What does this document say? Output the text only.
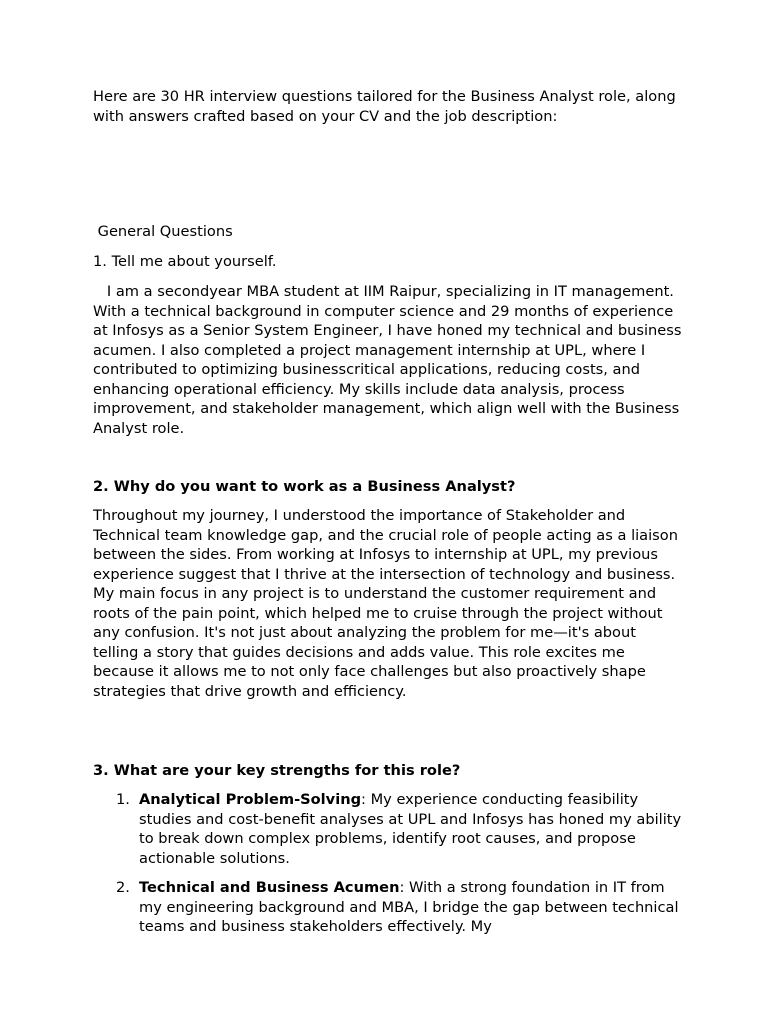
Here are 30 HR interview questions tailored for the Business Analyst role, along with answers crafted based on your CV and the job description:

General Questions

1. Tell me about yourself.

I am a secondyear MBA student at IIM Raipur, specializing in IT management. With a technical background in computer science and 29 months of experience at Infosys as a Senior System Engineer, I have honed my technical and business acumen. I also completed a project management internship at UPL, where I contributed to optimizing businesscritical applications, reducing costs, and enhancing operational efficiency. My skills include data analysis, process improvement, and stakeholder management, which align well with the Business Analyst role.

2. Why do you want to work as a Business Analyst?

Throughout my journey, I understood the importance of Stakeholder and Technical team knowledge gap, and the crucial role of people acting as a liaison between the sides. From working at Infosys to internship at UPL, my previous experience suggest that I thrive at the intersection of technology and business. My main focus in any project is to understand the customer requirement and roots of the pain point, which helped me to cruise through the project without any confusion. It's not just about analyzing the problem for me—it's about telling a story that guides decisions and adds value. This role excites me because it allows me to not only face challenges but also proactively shape strategies that drive growth and efficiency.

3. What are your key strengths for this role?

1. Analytical Problem-Solving: My experience conducting feasibility studies and cost-benefit analyses at UPL and Infosys has honed my ability to break down complex problems, identify root causes, and propose actionable solutions.
2. Technical and Business Acumen: With a strong foundation in IT from my engineering background and MBA, I bridge the gap between technical teams and business stakeholders effectively. My
